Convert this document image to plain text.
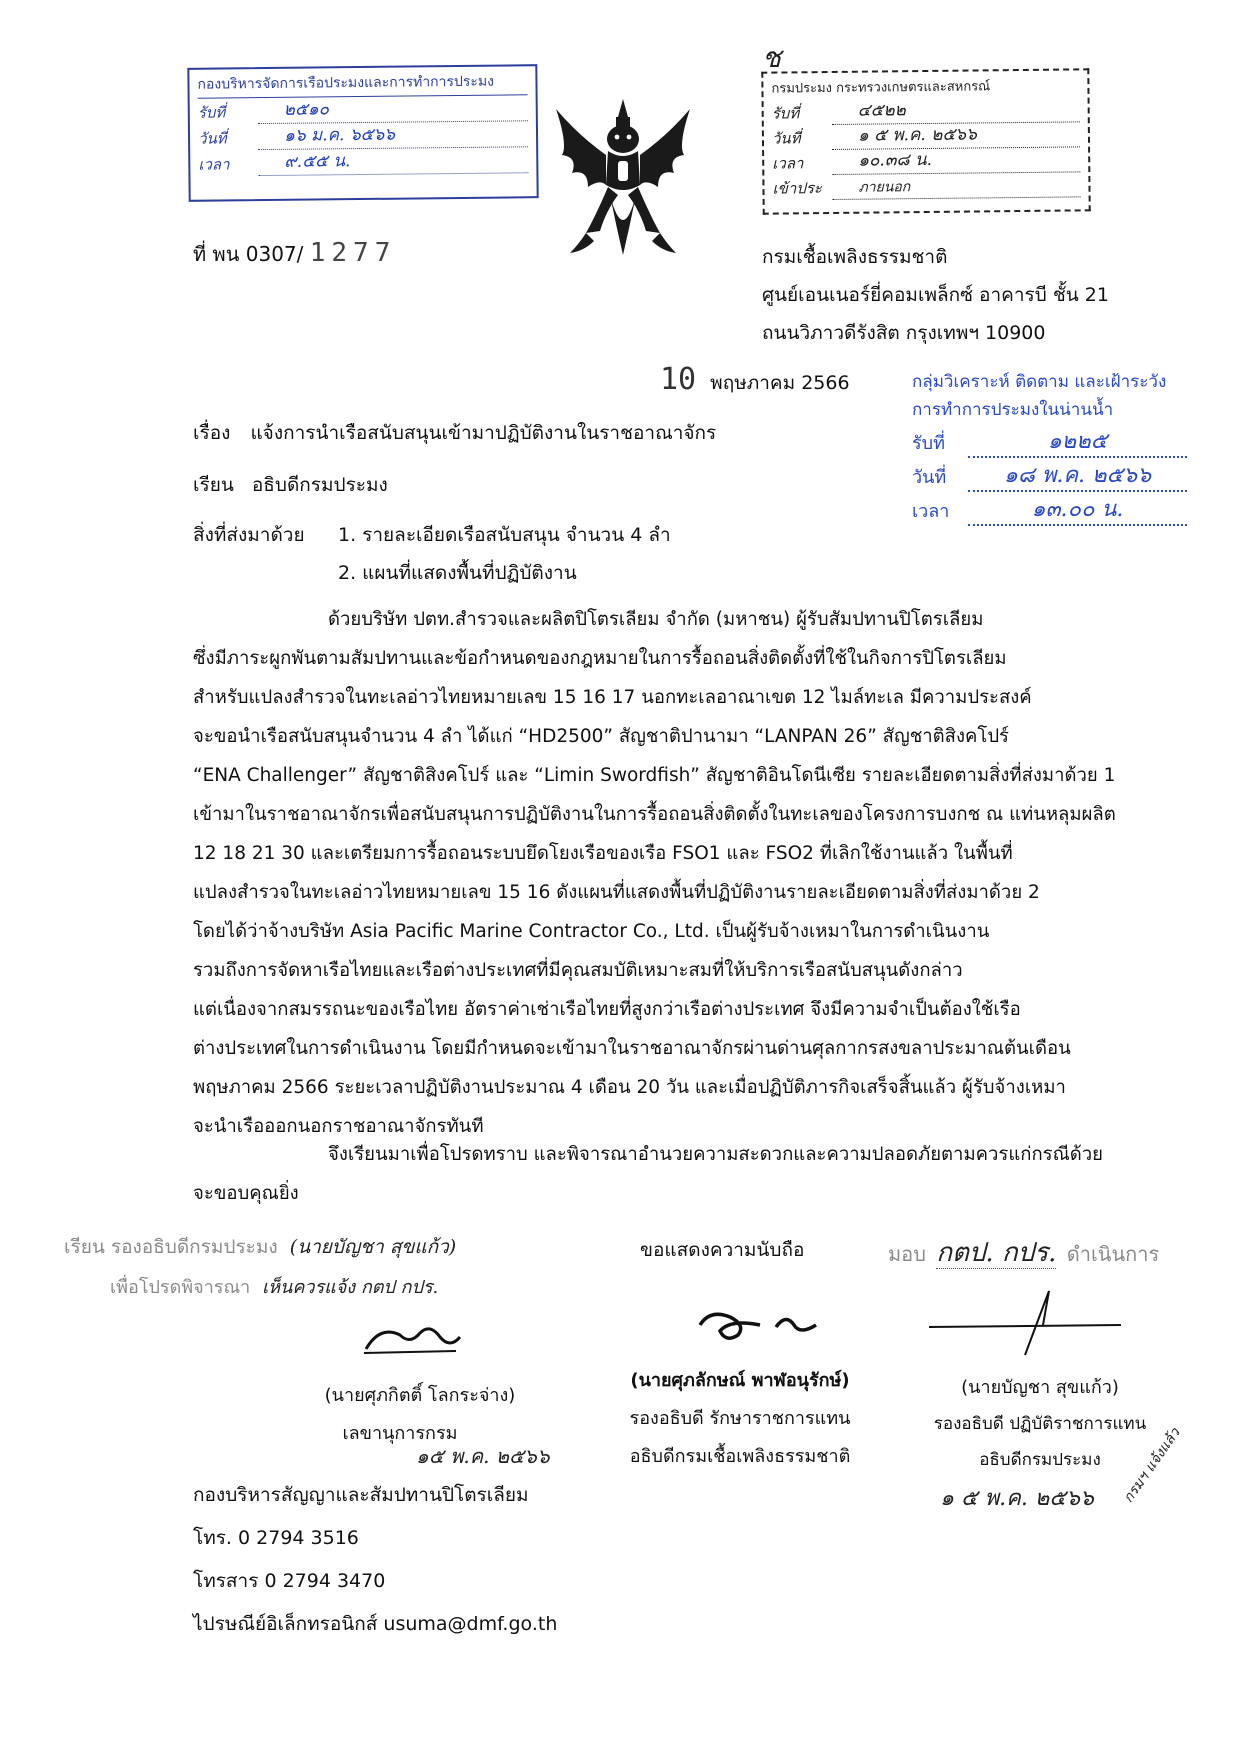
กองบริหารจัดการเรือประมงและการทำการประมง
รับที่	๒๕๑๐
วันที่	๑๖ ม.ค. ๖๕๖๖
เวลา	๙.๕๕ น.
ช
กรมประมง กระทรวงเกษตรและสหกรณ์
รับที่	๔๕๒๒
วันที่	๑ ๕ พ.ค. ๒๕๖๖
เวลา	๑๐.๓๘ น.
เข้าประ	ภายนอก
ที่ พน 0307/ 1277	กรมเชื้อเพลิงธรรมชาติ
ศูนย์เอนเนอร์ยี่คอมเพล็กซ์ อาคารบี ชั้น 21
ถนนวิภาวดีรังสิต กรุงเทพฯ 10900
10 พฤษภาคม 2566	กลุ่มวิเคราะห์ ติดตาม และเฝ้าระวัง
การทำการประมงในน่านน้ำ
รับที่	๑๒๒๕
วันที่	๑๘ พ.ค. ๒๕๖๖
เวลา	๑๓.๐๐ น.
เรื่อง แจ้งการนำเรือสนับสนุนเข้ามาปฏิบัติงานในราชอาณาจักร
เรียน อธิบดีกรมประมง
สิ่งที่ส่งมาด้วย 1. รายละเอียดเรือสนับสนุน จำนวน 4 ลำ
2. แผนที่แสดงพื้นที่ปฏิบัติงาน
ด้วยบริษัท ปตท.สำรวจและผลิตปิโตรเลียม จำกัด (มหาชน) ผู้รับสัมปทานปิโตรเลียม
ซึ่งมีภาระผูกพันตามสัมปทานและข้อกำหนดของกฎหมายในการรื้อถอนสิ่งติดตั้งที่ใช้ในกิจการปิโตรเลียม
สำหรับแปลงสำรวจในทะเลอ่าวไทยหมายเลข 15 16 17 นอกทะเลอาณาเขต 12 ไมล์ทะเล มีความประสงค์
จะขอนำเรือสนับสนุนจำนวน 4 ลำ ได้แก่ “HD2500” สัญชาติปานามา “LANPAN 26” สัญชาติสิงคโปร์
“ENA Challenger” สัญชาติสิงคโปร์ และ “Limin Swordfish” สัญชาติอินโดนีเซีย รายละเอียดตามสิ่งที่ส่งมาด้วย 1
เข้ามาในราชอาณาจักรเพื่อสนับสนุนการปฏิบัติงานในการรื้อถอนสิ่งติดตั้งในทะเลของโครงการบงกช ณ แท่นหลุมผลิต
12 18 21 30 และเตรียมการรื้อถอนระบบยึดโยงเรือของเรือ FSO1 และ FSO2 ที่เลิกใช้งานแล้ว ในพื้นที่
แปลงสำรวจในทะเลอ่าวไทยหมายเลข 15 16 ดังแผนที่แสดงพื้นที่ปฏิบัติงานรายละเอียดตามสิ่งที่ส่งมาด้วย 2
โดยได้ว่าจ้างบริษัท Asia Pacific Marine Contractor Co., Ltd. เป็นผู้รับจ้างเหมาในการดำเนินงาน
รวมถึงการจัดหาเรือไทยและเรือต่างประเทศที่มีคุณสมบัติเหมาะสมที่ให้บริการเรือสนับสนุนดังกล่าว
แต่เนื่องจากสมรรถนะของเรือไทย อัตราค่าเช่าเรือไทยที่สูงกว่าเรือต่างประเทศ จึงมีความจำเป็นต้องใช้เรือ
ต่างประเทศในการดำเนินงาน โดยมีกำหนดจะเข้ามาในราชอาณาจักรผ่านด่านศุลกากรสงขลาประมาณต้นเดือน
พฤษภาคม 2566 ระยะเวลาปฏิบัติงานประมาณ 4 เดือน 20 วัน และเมื่อปฏิบัติภารกิจเสร็จสิ้นแล้ว ผู้รับจ้างเหมา
จะนำเรือออกนอกราชอาณาจักรทันที
จึงเรียนมาเพื่อโปรดทราบ และพิจารณาอำนวยความสะดวกและความปลอดภัยตามควรแก่กรณีด้วย
จะขอบคุณยิ่ง
ขอแสดงความนับถือ
เรียน รองอธิบดีกรมประมง (นายบัญชา สุขแก้ว)
เพื่อโปรดพิจารณา เห็นควรแจ้ง กตป กปร.
(นายศุภกิตติ์ โลกระจ่าง)
เลขานุการกรม
๑๕ พ.ค. ๒๕๖๖
(นายศุภลักษณ์ พาฬอนุรักษ์)
รองอธิบดี รักษาราชการแทน
อธิบดีกรมเชื้อเพลิงธรรมชาติ
มอบ กตป. กปร. ดำเนินการ
(นายบัญชา สุขแก้ว)
รองอธิบดี ปฏิบัติราชการแทน
อธิบดีกรมประมง
๑ ๕ พ.ค. ๒๕๖๖ กรมฯ แจ้งแล้ว
กองบริหารสัญญาและสัมปทานปิโตรเลียม
โทร. 0 2794 3516
โทรสาร 0 2794 3470
ไปรษณีย์อิเล็กทรอนิกส์ usuma@dmf.go.th
